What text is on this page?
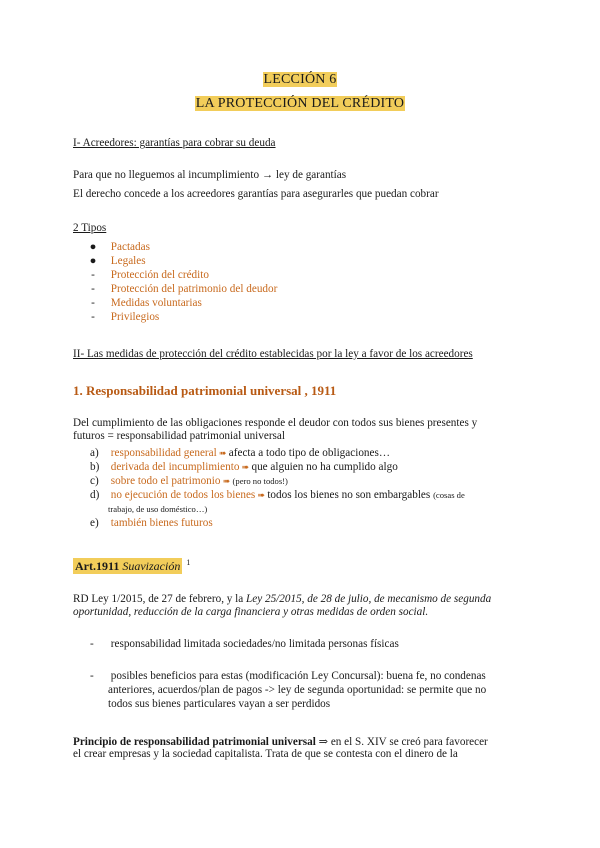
LECCIÓN 6
LA PROTECCIÓN DEL CRÉDITO
I- Acreedores: garantías para cobrar su deuda
Para que no lleguemos al incumplimiento → ley de garantías
El derecho concede a los acreedores garantías para asegurarles que puedan cobrar
2 Tipos
● Pactadas
● Legales
- Protección del crédito
- Protección del patrimonio del deudor
- Medidas voluntarias
- Privilegios
II- Las medidas de protección del crédito establecidas por la ley a favor de los acreedores
1. Responsabilidad patrimonial universal , 1911
Del cumplimiento de las obligaciones responde el deudor con todos sus bienes presentes y
futuros = responsabilidad patrimonial universal
a) responsabilidad general ➠ afecta a todo tipo de obligaciones…
b) derivada del incumplimiento ➠ que alguien no ha cumplido algo
c) sobre todo el patrimonio ➠ (pero no todos!)
d) no ejecución de todos los bienes ➠ todos los bienes no son embargables (cosas de
trabajo, de uso doméstico…)
e) también bienes futuros
Art.1911 Suavización $^1$
RD Ley 1/2015, de 27 de febrero, y la Ley 25/2015, de 28 de julio, de mecanismo de segunda
oportunidad, reducción de la carga financiera y otras medidas de orden social.
- responsabilidad limitada sociedades/no limitada personas físicas
- posibles beneficios para estas (modificación Ley Concursal): buena fe, no condenas
anteriores, acuerdos/plan de pagos -> ley de segunda oportunidad: se permite que no
todos sus bienes particulares vayan a ser perdidos
Principio de responsabilidad patrimonial universal ⇒ en el S. XIV se creó para favorecer
el crear empresas y la sociedad capitalista. Trata de que se contesta con el dinero de la
